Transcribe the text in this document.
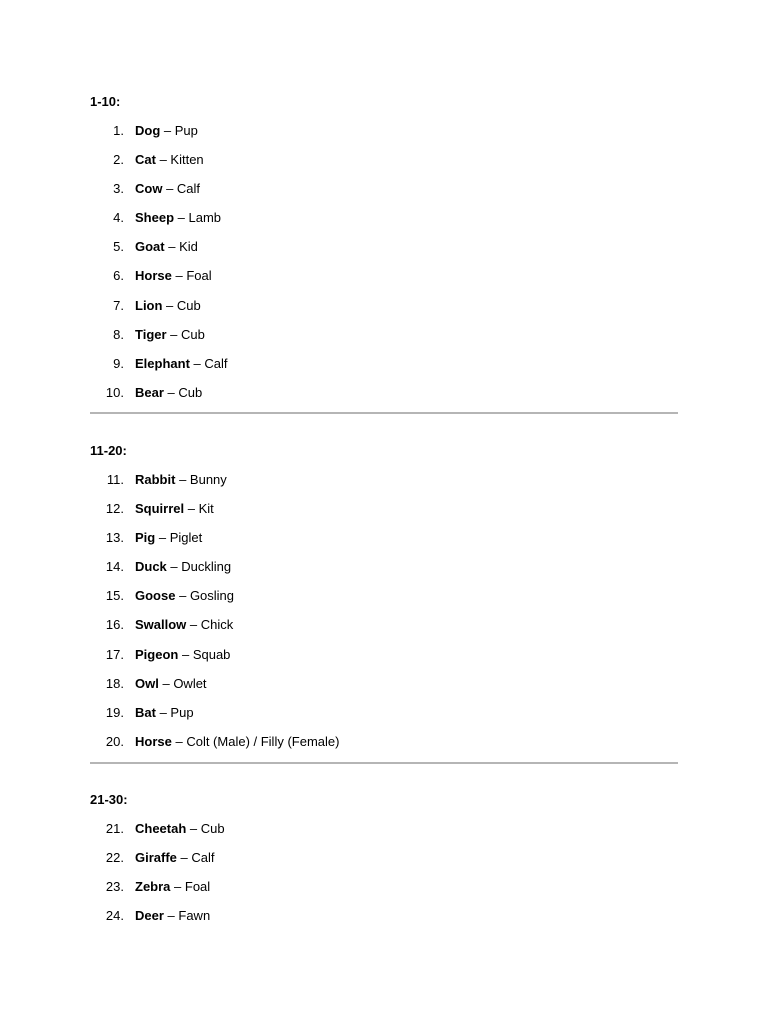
1-10:

1. Dog – Pup
2. Cat – Kitten
3. Cow – Calf
4. Sheep – Lamb
5. Goat – Kid
6. Horse – Foal
7. Lion – Cub
8. Tiger – Cub
9. Elephant – Calf
10. Bear – Cub

11-20:

11. Rabbit – Bunny
12. Squirrel – Kit
13. Pig – Piglet
14. Duck – Duckling
15. Goose – Gosling
16. Swallow – Chick
17. Pigeon – Squab
18. Owl – Owlet
19. Bat – Pup
20. Horse – Colt (Male) / Filly (Female)

21-30:

21. Cheetah – Cub
22. Giraffe – Calf
23. Zebra – Foal
24. Deer – Fawn
